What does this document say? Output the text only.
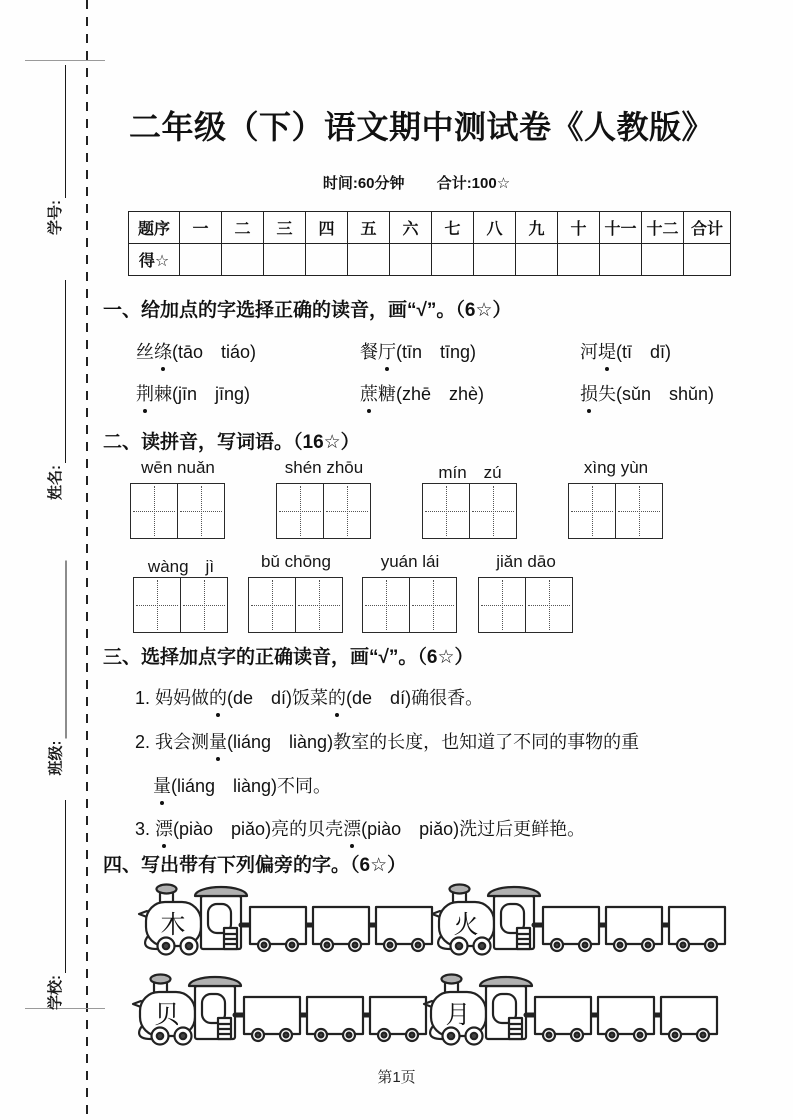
学号:
姓名:
班级:
学校:
二年级（下）语文期中测试卷《人教版》
时间:60分钟 合计:100☆
题序	一	二	三	四	五	六	七	八	九	十	十一	十二	合计
得☆													
一、给加点的字选择正确的读音，画“√”。（6☆）
丝绦(tāo　tiáo)	餐厅(tīn　tīng)	河堤(tī　dī)
荆棘(jīn　jīng)	蔗糖(zhē　zhè)	损失(sǔn　shǔn)
二、读拼音，写词语。（16☆）
wēn nuǎn	shén zhōu	mín　zú	xìng yùn
wàng　jì	bǔ chōng	yuán lái	jiǎn dāo
三、选择加点字的正确读音，画“√”。（6☆）
1. 妈妈做的(de　dí)饭菜的(de　dí)确很香。
2. 我会测量(liáng　liàng)教室的长度，也知道了不同的事物的重
量(liáng　liàng)不同。
3. 漂(piào　piǎo)亮的贝壳漂(piào　piǎo)洗过后更鲜艳。
四、写出带有下列偏旁的字。（6☆）
木	火
贝	月
第1页
